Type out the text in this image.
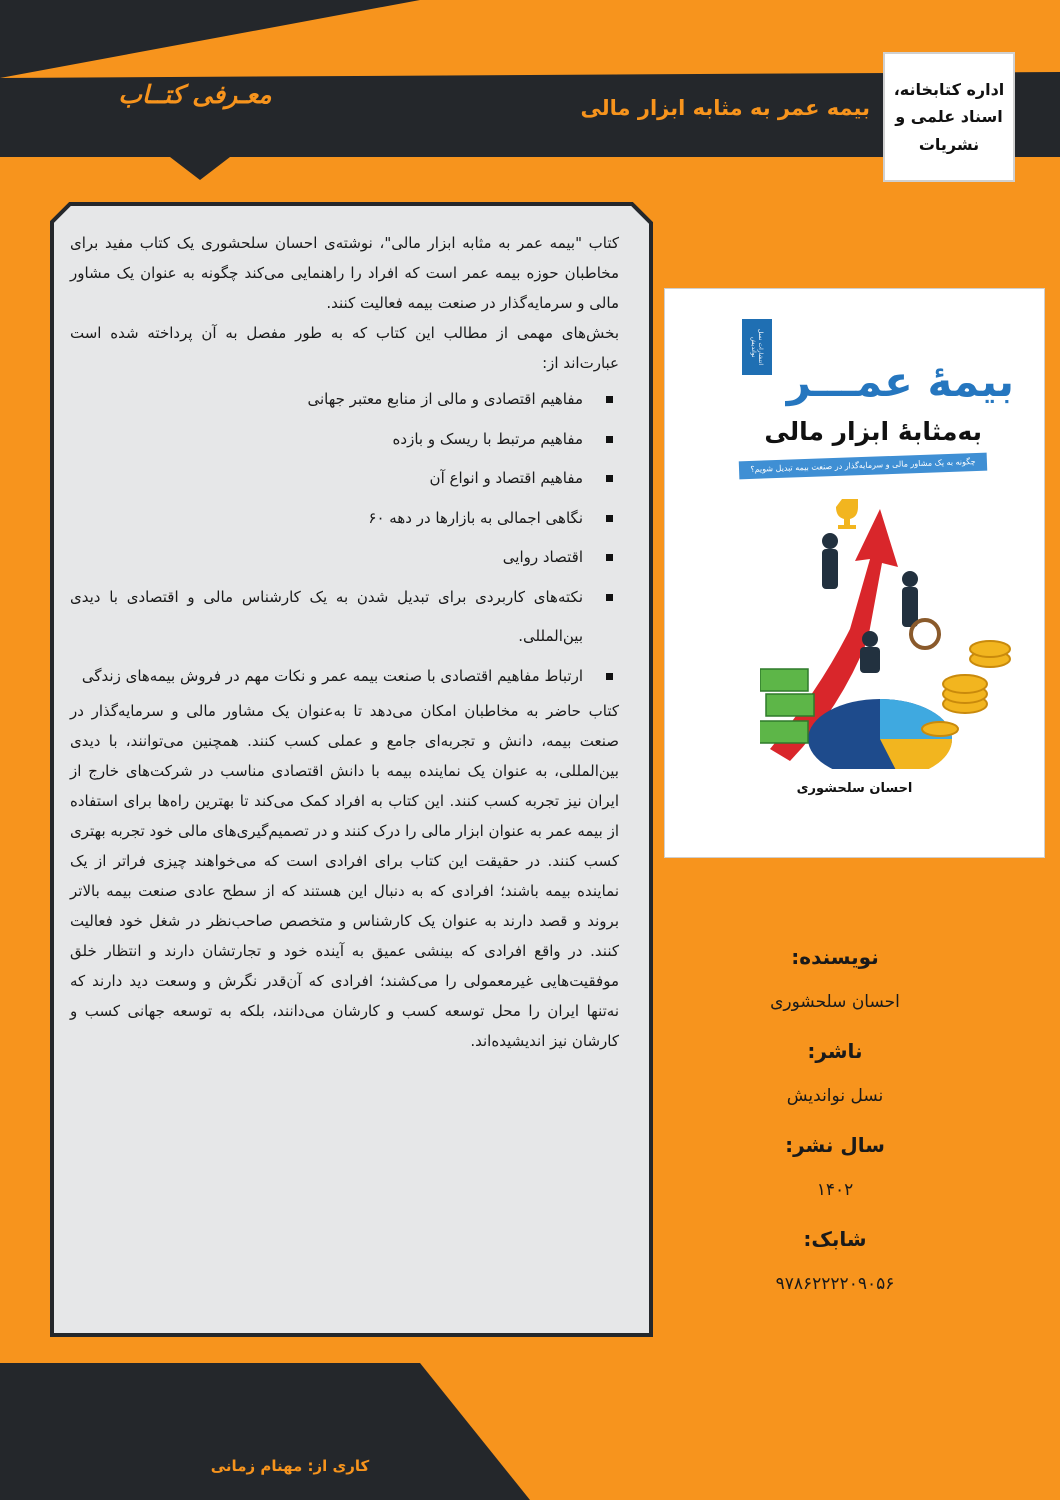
معـرفی کتــاب	بیمه عمر به مثابه ابزار مالی
اداره کتابخانه،
اسناد علمی و
نشریات

کتاب "بیمه عمر به مثابه ابزار مالی"، نوشته‌ی احسان سلحشوری یک کتاب مفید برای مخاطبان حوزه بیمه عمر است که افراد را راهنمایی می‌کند چگونه به عنوان یک مشاور مالی و سرمایه‌گذار در صنعت بیمه فعالیت کنند.

بخش‌های مهمی از مطالب این کتاب که به طور مفصل به آن پرداخته شده است عبارت‌اند از:

مفاهیم اقتصادی و مالی از منابع معتبر جهانی
مفاهیم مرتبط با ریسک و بازده
مفاهیم اقتصاد و انواع آن
نگاهی اجمالی به بازارها در دهه ۶۰
اقتصاد روایی
نکته‌های کاربردی برای تبدیل شدن به یک کارشناس مالی و اقتصادی با دیدی بین‌المللی.
ارتباط مفاهیم اقتصادی با صنعت بیمه عمر و نکات مهم در فروش بیمه‌های زندگی

کتاب حاضر به مخاطبان امکان می‌دهد تا به‌عنوان یک مشاور مالی و سرمایه‌گذار در صنعت بیمه، دانش و تجربه‌ای جامع و عملی کسب کنند. همچنین می‌توانند، با دیدی بین‌المللی، به عنوان یک نماینده بیمه با دانش اقتصادی مناسب در شرکت‌های خارج از ایران نیز تجربه کسب کنند. این کتاب به افراد کمک می‌کند تا بهترین راه‌ها برای استفاده از بیمه عمر به عنوان ابزار مالی را درک کنند و در تصمیم‌گیری‌های مالی خود تجربه بهتری کسب کنند. در حقیقت این کتاب برای افرادی است که می‌خواهند چیزی فراتر از یک نماینده بیمه باشند؛ افرادی که به دنبال این هستند که از سطح عادی صنعت بیمه بالاتر بروند و قصد دارند به عنوان یک کارشناس و متخصص صاحب‌نظر در شغل خود فعالیت کنند. در واقع افرادی که بینشی عمیق به آینده خود و تجارتشان دارند و انتظار خلق موفقیت‌هایی غیرمعمولی را می‌کشند؛ افرادی که آن‌قدر نگرش و وسعت دید دارند که نه‌تنها ایران را محل توسعه کسب و کارشان می‌دانند، بلکه به توسعه جهانی کسب و کارشان نیز اندیشیده‌اند.

انتشارات نسل نواندیش
بیمهٔ عمـــر
به‌مثابهٔ ابزار مالی
چگونه به یک مشاور مالی و سرمایه‌گذار در صنعت بیمه تبدیل شویم؟
احسان سلحشوری
نویسنده:
احسان سلحشوری
ناشر:
نسل نواندیش
سال نشر:
۱۴۰۲
شابک:
۹۷۸۶۲۲۲۲۰۹۰۵۶
کاری از: مهنام زمانی
